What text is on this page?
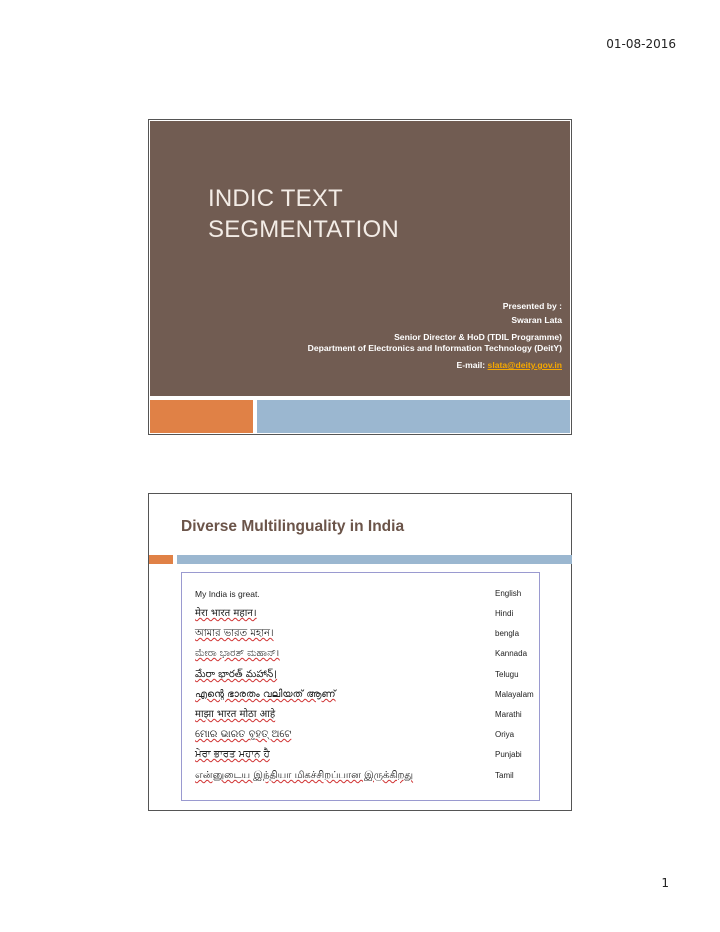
01-08-2016
INDIC TEXT
SEGMENTATION
Presented by :
Swaran Lata
Senior Director & HoD (TDIL Programme)
Department of Electronics and Information Technology (DeitY)
E-mail: slata@deity.gov.in
Diverse Multilinguality in India
My India is great.	English
मेरा भारत महान।	Hindi
আমার ভারত মহান।	bengla
ಮೇರಾ ಭಾರತ್ ಮಹಾನ್।	Kannada
మేరా భారత్ మహాన్।	Telugu
എന്റെ ഭാരതം വലിയത് ആണ്	Malayalam
माझा भारत मोठा आहे	Marathi
ମୋର ଭାରତ ବୃହତ୍ ଅଟେ	Oriya
ਮੇਰਾ ਭਾਰਤ ਮਹਾਨ ਹੈ	Punjabi
என்னுடைய இந்தியா மிகச்சிறப்பான இருக்கிறது	Tamil
1
